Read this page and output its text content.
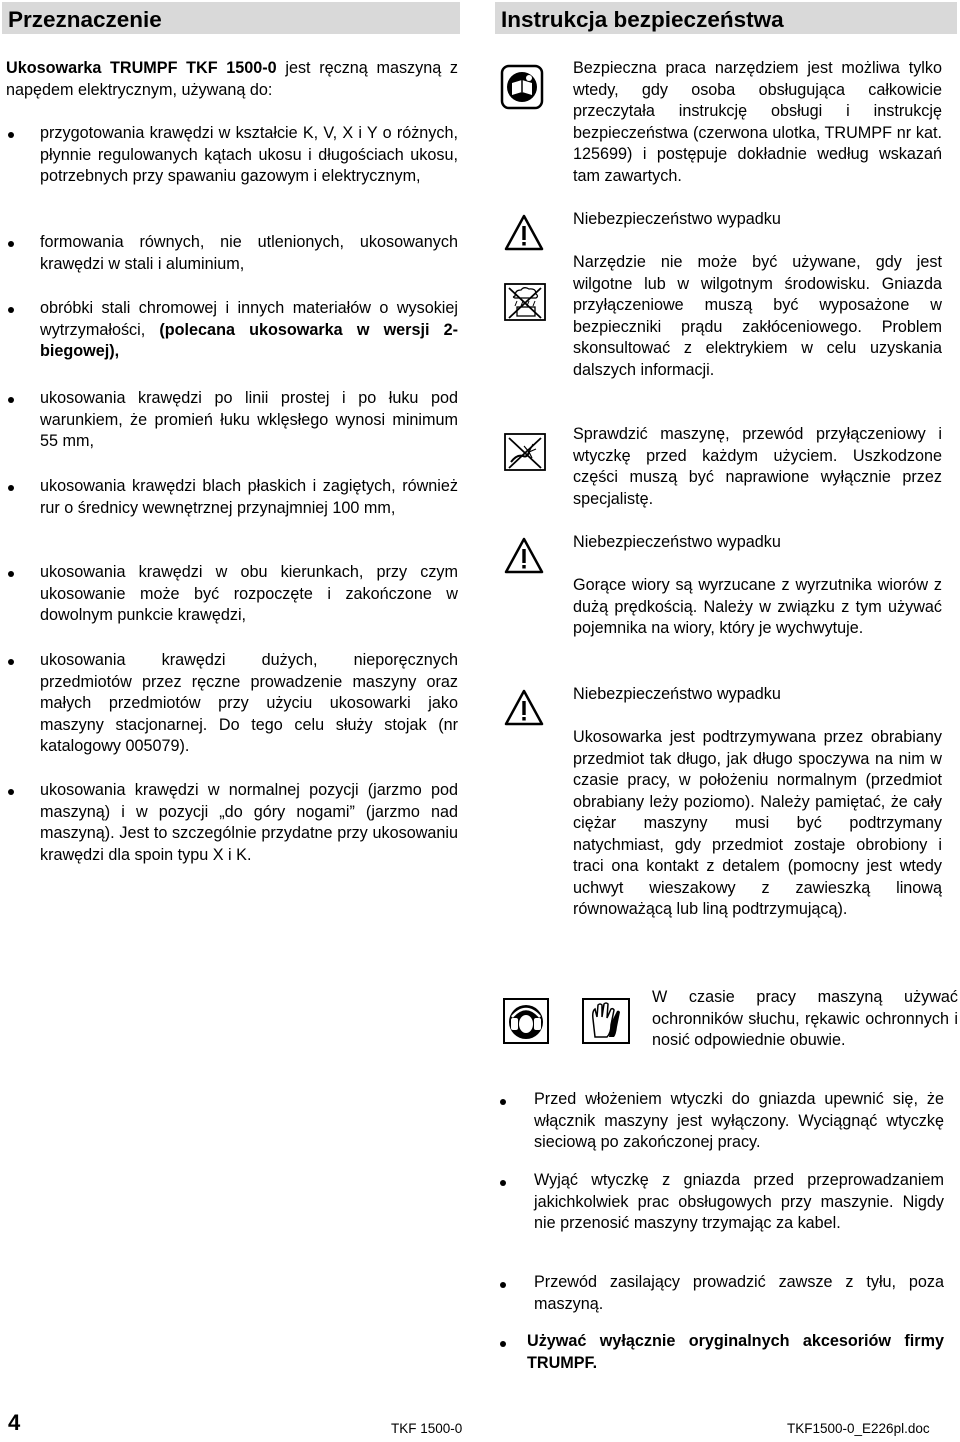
Przeznaczenie

Ukosowarka TRUMPF TKF 1500-0 jest ręczną maszyną z napędem elektrycznym, używaną do:

przygotowania krawędzi w kształcie K, V, X i Y o różnych, płynnie regulowanych kątach ukosu i długościach ukosu, potrzebnych przy spawaniu gazowym i elektrycznym,

formowania równych, nie utlenionych, ukosowanych krawędzi w stali i aluminium,

obróbki stali chromowej i innych materiałów o wysokiej wytrzymałości, (polecana ukosowarka w wersji 2-biegowej),

ukosowania krawędzi po linii prostej i po łuku pod warunkiem, że promień łuku wklęsłego wynosi minimum 55 mm,

ukosowania krawędzi blach płaskich i zagiętych, również rur o średnicy wewnętrznej przynajmniej 100 mm,

ukosowania krawędzi w obu kierunkach, przy czym ukosowanie może być rozpoczęte i zakończone w dowolnym punkcie krawędzi,

ukosowania krawędzi dużych, nieporęcznych przedmiotów przez ręczne prowadzenie maszyny oraz małych przedmiotów przy użyciu ukosowarki jako maszyny stacjonarnej. Do tego celu służy stojak (nr katalogowy 005079).

ukosowania krawędzi w normalnej pozycji (jarzmo pod maszyną) i w pozycji „do góry nogami” (jarzmo nad maszyną). Jest to szczególnie przydatne przy ukosowaniu krawędzi dla spoin typu X i K.

Instrukcja bezpieczeństwa

Bezpieczna praca narzędziem jest możliwa tylko wtedy, gdy osoba obsługująca całkowicie przeczytała instrukcję obsługi i instrukcję bezpieczeństwa (czerwona ulotka, TRUMPF nr kat. 125699) i postępuje dokładnie według wskazań tam zawartych.

Niebezpieczeństwo wypadku

Narzędzie nie może być używane, gdy jest wilgotne lub w wilgotnym środowisku. Gniazda przyłączeniowe muszą być wyposażone w bezpieczniki prądu zakłóceniowego. Problem skonsultować z elektrykiem w celu uzyskania dalszych informacji.

Sprawdzić maszynę, przewód przyłączeniowy i wtyczkę przed każdym użyciem. Uszkodzone części muszą być naprawione wyłącznie przez specjalistę.

Niebezpieczeństwo wypadku

Gorące wiory są wyrzucane z wyrzutnika wiorów z dużą prędkością. Należy w związku z tym używać pojemnika na wiory, który je wychwytuje.

Niebezpieczeństwo wypadku

Ukosowarka jest podtrzymywana przez obrabiany przedmiot tak długo, jak długo spoczywa na nim w czasie pracy, w położeniu normalnym (przedmiot obrabiany leży poziomo). Należy pamiętać, że cały ciężar maszyny musi być podtrzymany natychmiast, gdy przedmiot zostaje obrobiony i traci ona kontakt z detalem (pomocny jest wtedy uchwyt wieszakowy z zawieszką linową równoważącą lub liną podtrzymującą).

W czasie pracy maszyną używać ochronników słuchu, rękawic ochronnych i nosić odpowiednie obuwie.

Przed włożeniem wtyczki do gniazda upewnić się, że włącznik maszyny jest wyłączony. Wyciągnąć wtyczkę sieciową po zakończonej pracy.

Wyjąć wtyczkę z gniazda przed przeprowadzaniem jakichkolwiek prac obsługowych przy maszynie. Nigdy nie przenosić maszyny trzymając za kabel.

Przewód zasilający prowadzić zawsze z tyłu, poza maszyną.

Używać wyłącznie oryginalnych akcesoriów firmy TRUMPF.

4	TKF 1500-0	TKF1500-0_E226pl.doc
